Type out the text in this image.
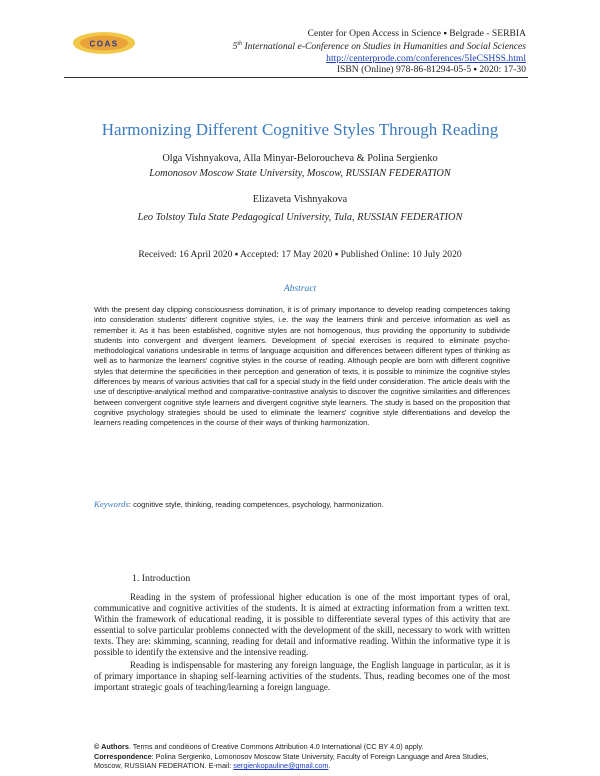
COAS
Center for Open Access in Science ▪ Belgrade - SERBIA
5th International e-Conference on Studies in Humanities and Social Sciences
http://centerprode.com/conferences/5IeCSHSS.html
ISBN (Online) 978-86-81294-05-5 ▪ 2020: 17-30
Harmonizing Different Cognitive Styles Through Reading
Olga Vishnyakova, Alla Minyar-Beloroucheva & Polina Sergienko
Lomonosov Moscow State University, Moscow, RUSSIAN FEDERATION
Elizaveta Vishnyakova
Leo Tolstoy Tula State Pedagogical University, Tula, RUSSIAN FEDERATION
Received: 16 April 2020 ▪ Accepted: 17 May 2020 ▪ Published Online: 10 July 2020
Abstract
With the present day clipping consciousness domination, it is of primary importance to develop reading competences taking into consideration students' different cognitive styles, i.e. the way the learners think and perceive information as well as remember it. As it has been established, cognitive styles are not homogenous, thus providing the opportunity to subdivide students into convergent and divergent learners. Development of special exercises is required to eliminate psycho-methodological variations undesirable in terms of language acquisition and differences between different types of thinking as well as to harmonize the learners' cognitive styles in the course of reading. Although people are born with different cognitive styles that determine the specificities in their perception and generation of texts, it is possible to minimize the cognitive styles differences by means of various activities that call for a special study in the field under consideration. The article deals with the use of descriptive-analytical method and comparative-contrastive analysis to discover the cognitive similarities and differences between convergent cognitive style learners and divergent cognitive style learners. The study is based on the proposition that cognitive psychology strategies should be used to eliminate the learners' cognitive style differentiations and develop the learners reading competences in the course of their ways of thinking harmonization.
Keywords: cognitive style, thinking, reading competences, psychology, harmonization.
1. Introduction

Reading in the system of professional higher education is one of the most important types of oral, communicative and cognitive activities of the students. It is aimed at extracting information from a written text. Within the framework of educational reading, it is possible to differentiate several types of this activity that are essential to solve particular problems connected with the development of the skill, necessary to work with written texts. They are: skimming, scanning, reading for detail and informative reading. Within the informative type it is possible to identify the extensive and the intensive reading.

Reading is indispensable for mastering any foreign language, the English language in particular, as it is of primary importance in shaping self-learning activities of the students. Thus, reading becomes one of the most important strategic goals of teaching/learning a foreign language.

© Authors. Terms and conditions of Creative Commons Attribution 4.0 International (CC BY 4.0) apply.
Correspondence: Polina Sergienko, Lomonosov Moscow State University, Faculty of Foreign Language and Area Studies, Moscow, RUSSIAN FEDERATION. E-mail: sergienkopauline@gmail.com.
